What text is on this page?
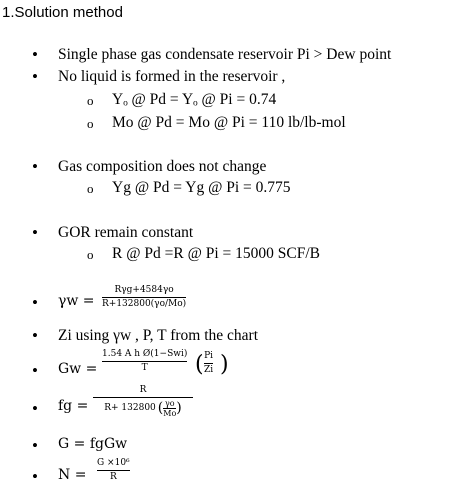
1.Solution method
• Single phase gas condensate reservoir Pi > Dew point
• No liquid is formed in the reservoir ,
o Yₒ @ Pd = Yₒ @ Pi = 0.74
o Mo @ Pd = Mo @ Pi = 110 lb/lb-mol
• Gas composition does not change
o Yg @ Pd = Yg @ Pi = 0.775
• GOR remain constant
o R @ Pd =R @ Pi = 15000 SCF/B
• γw =
Rγg+4584γo
R+132800(γo/Mo)
• Zi using γw , P, T from the chart
• Gw =
1.54 A h Ø(1−Swi)
T ( Pi
Zi )
• fg =
R
R+ 132800 ( γo
Mo )
• G = fgGw
• N =
G ×10⁶
R
